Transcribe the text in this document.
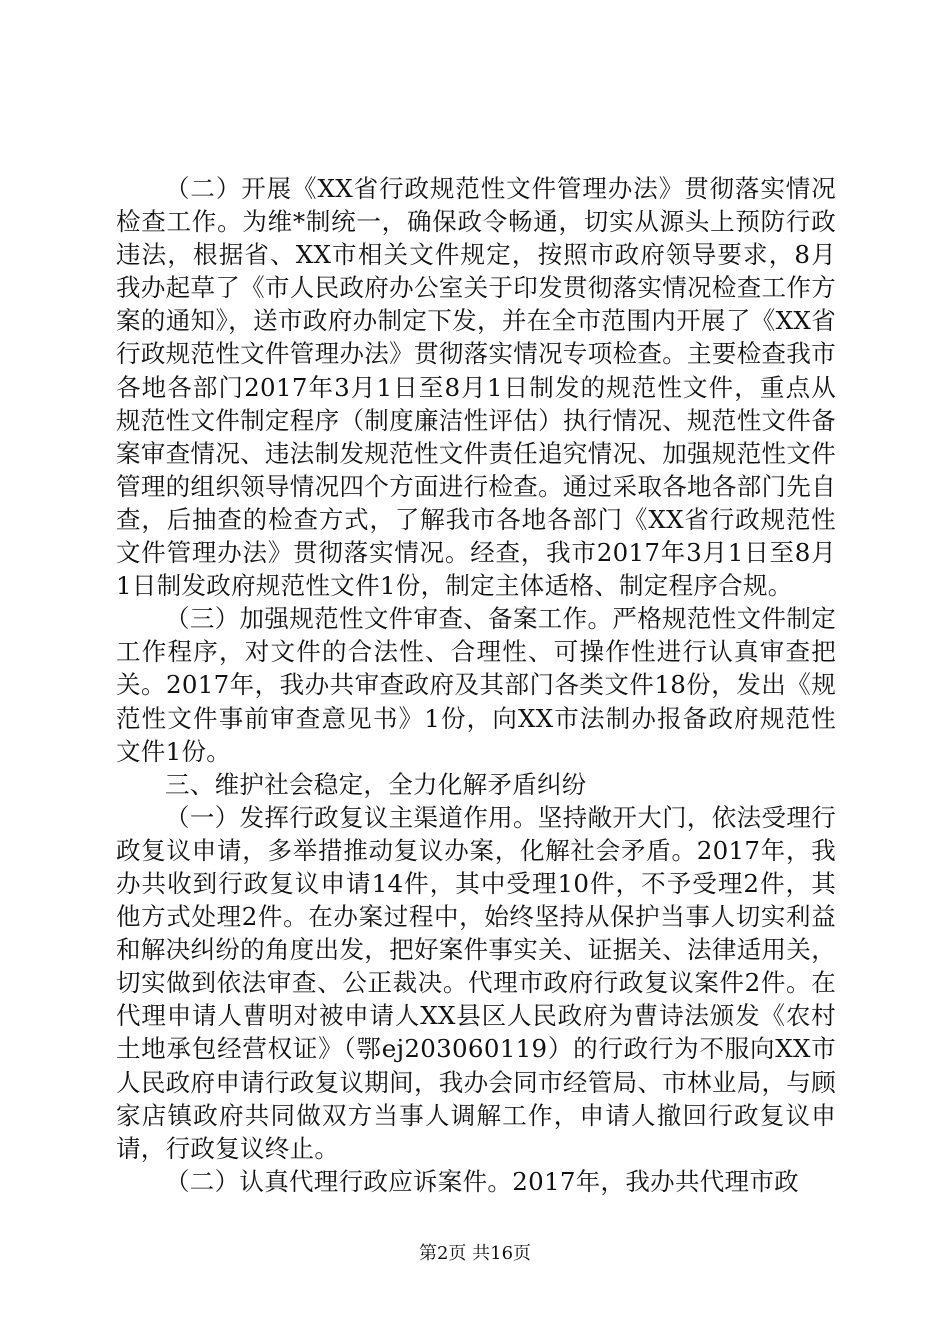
（二）开展《XX省行政规范性文件管理办法》贯彻落实情况检查工作。为维*制统一，确保政令畅通，切实从源头上预防行政违法，根据省、XX市相关文件规定，按照市政府领导要求，8月我办起草了《市人民政府办公室关于印发贯彻落实情况检查工作方案的通知》，送市政府办制定下发，并在全市范围内开展了《XX省行政规范性文件管理办法》贯彻落实情况专项检查。主要检查我市各地各部门2017年3月1日至8月1日制发的规范性文件，重点从规范性文件制定程序（制度廉洁性评估）执行情况、规范性文件备案审查情况、违法制发规范性文件责任追究情况、加强规范性文件管理的组织领导情况四个方面进行检查。通过采取各地各部门先自查，后抽查的检查方式，了解我市各地各部门《XX省行政规范性文件管理办法》贯彻落实情况。经查，我市2017年3月1日至8月1日制发政府规范性文件1份，制定主体适格、制定程序合规。

（三）加强规范性文件审查、备案工作。严格规范性文件制定工作程序，对文件的合法性、合理性、可操作性进行认真审查把关。2017年，我办共审查政府及其部门各类文件18份，发出《规范性文件事前审查意见书》1份，向XX市法制办报备政府规范性文件1份。

三、维护社会稳定，全力化解矛盾纠纷

（一）发挥行政复议主渠道作用。坚持敞开大门，依法受理行政复议申请，多举措推动复议办案，化解社会矛盾。2017年，我办共收到行政复议申请14件，其中受理10件，不予受理2件，其他方式处理2件。在办案过程中，始终坚持从保护当事人切实利益和解决纠纷的角度出发，把好案件事实关、证据关、法律适用关，切实做到依法审查、公正裁决。代理市政府行政复议案件2件。在代理申请人曹明对被申请人XX县区人民政府为曹诗法颁发《农村土地承包经营权证》（鄂ej203060119）的行政行为不服向XX市人民政府申请行政复议期间，我办会同市经管局、市林业局，与顾家店镇政府共同做双方当事人调解工作，申请人撤回行政复议申请，行政复议终止。

（二）认真代理行政应诉案件。2017年，我办共代理市政

第2页 共16页
